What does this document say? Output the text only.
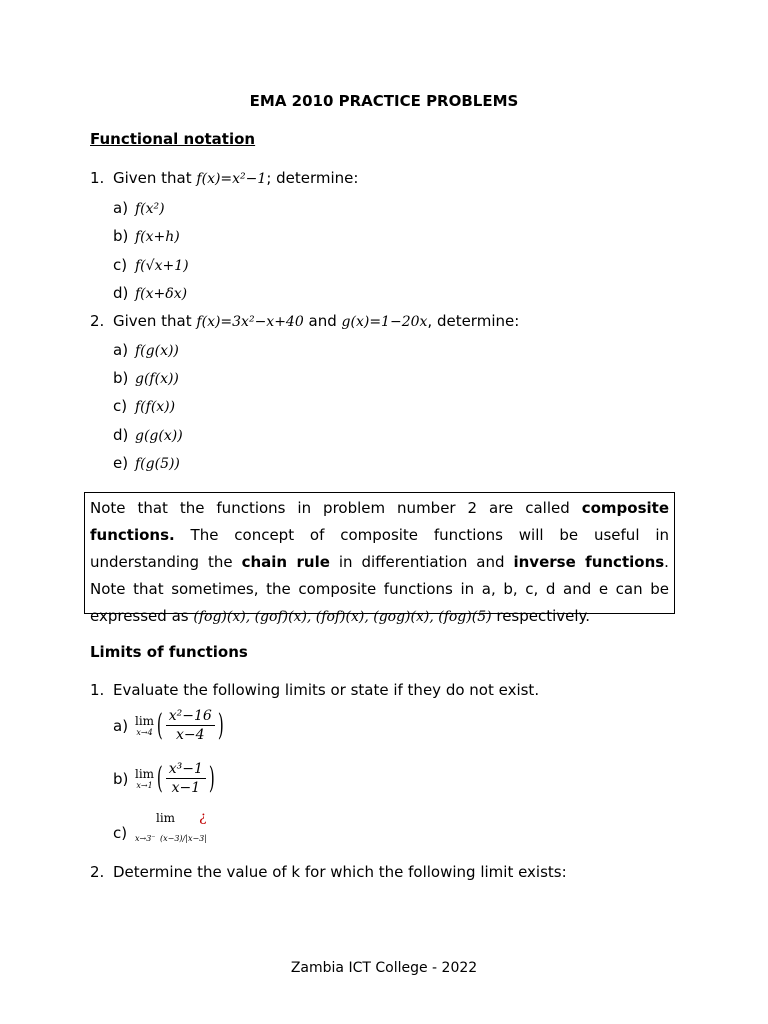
EMA 2010 PRACTICE PROBLEMS
Functional notation
1. Given that f(x)=x²−1; determine:
a) f(x²)
b) f(x+h)
c) f(√x+1)
d) f(x+δx)
2. Given that f(x)=3x²−x+40 and g(x)=1−20x, determine:
a) f(g(x))
b) g(f(x))
c) f(f(x))
d) g(g(x))
e) f(g(5))
Note that the functions in problem number 2 are called composite
functions. The concept of composite functions will be useful in
understanding the chain rule in differentiation and inverse functions.
Note that sometimes, the composite functions in a, b, c, d and e can be
expressed as (fog)(x), (gof)(x), (fof)(x), (gog)(x), (fog)(5) respectively.
Limits of functions
1. Evaluate the following limits or state if they do not exist.
a) lim
x→4 ( $\frac{\text{x²−16}}{x-4}$ )
b) lim
x→1 ( $\frac{\text{x³−1}}{x-1}$ )
c)
lim ¿
x→3⁻ (x−3)/|x−3|
2. Determine the value of k for which the following limit exists:
Zambia ICT College - 2022
